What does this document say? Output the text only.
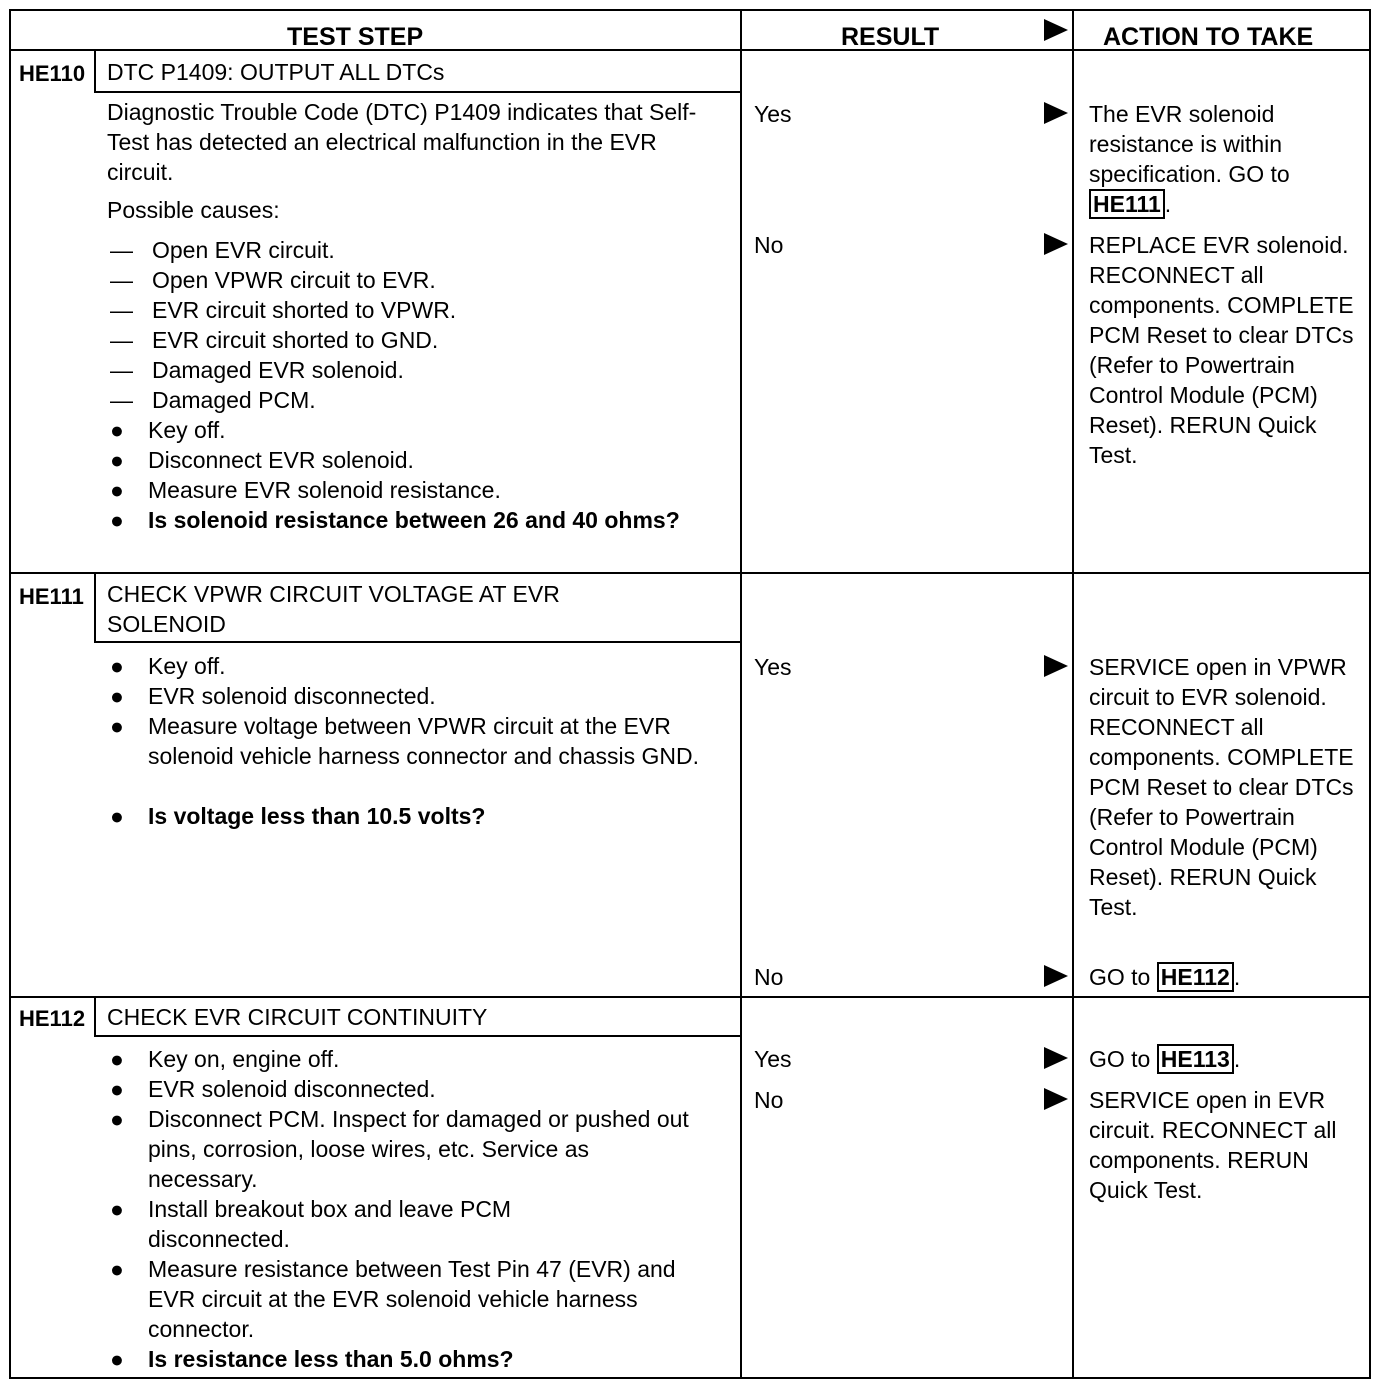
TEST STEP	RESULT	ACTION TO TAKE
HE110 DTC P1409: OUTPUT ALL DTCs
Diagnostic Trouble Code (DTC) P1409 indicates that Self-Test has detected an electrical malfunction in the EVR circuit.
Possible causes:
— Open EVR circuit.
— Open VPWR circuit to EVR.
— EVR circuit shorted to VPWR.
— EVR circuit shorted to GND.
— Damaged EVR solenoid.
— Damaged PCM.
● Key off.
● Disconnect EVR solenoid.
● Measure EVR solenoid resistance.
● Is solenoid resistance between 26 and 40 ohms?
Yes	The EVR solenoid resistance is within specification. GO to HE111 .
No	REPLACE EVR solenoid. RECONNECT all components. COMPLETE PCM Reset to clear DTCs (Refer to Powertrain Control Module (PCM) Reset). RERUN Quick Test.
HE111 CHECK VPWR CIRCUIT VOLTAGE AT EVR SOLENOID
● Key off.
● EVR solenoid disconnected.
● Measure voltage between VPWR circuit at the EVR solenoid vehicle harness connector and chassis GND.
● Is voltage less than 10.5 volts?
Yes	SERVICE open in VPWR circuit to EVR solenoid. RECONNECT all components. COMPLETE PCM Reset to clear DTCs (Refer to Powertrain Control Module (PCM) Reset). RERUN Quick Test.
No	GO to HE112 .
HE112 CHECK EVR CIRCUIT CONTINUITY
● Key on, engine off.
● EVR solenoid disconnected.
● Disconnect PCM. Inspect for damaged or pushed out pins, corrosion, loose wires, etc. Service as necessary.
● Install breakout box and leave PCM disconnected.
● Measure resistance between Test Pin 47 (EVR) and EVR circuit at the EVR solenoid vehicle harness connector.
● Is resistance less than 5.0 ohms?
Yes	GO to HE113 .
No	SERVICE open in EVR circuit. RECONNECT all components. RERUN Quick Test.
